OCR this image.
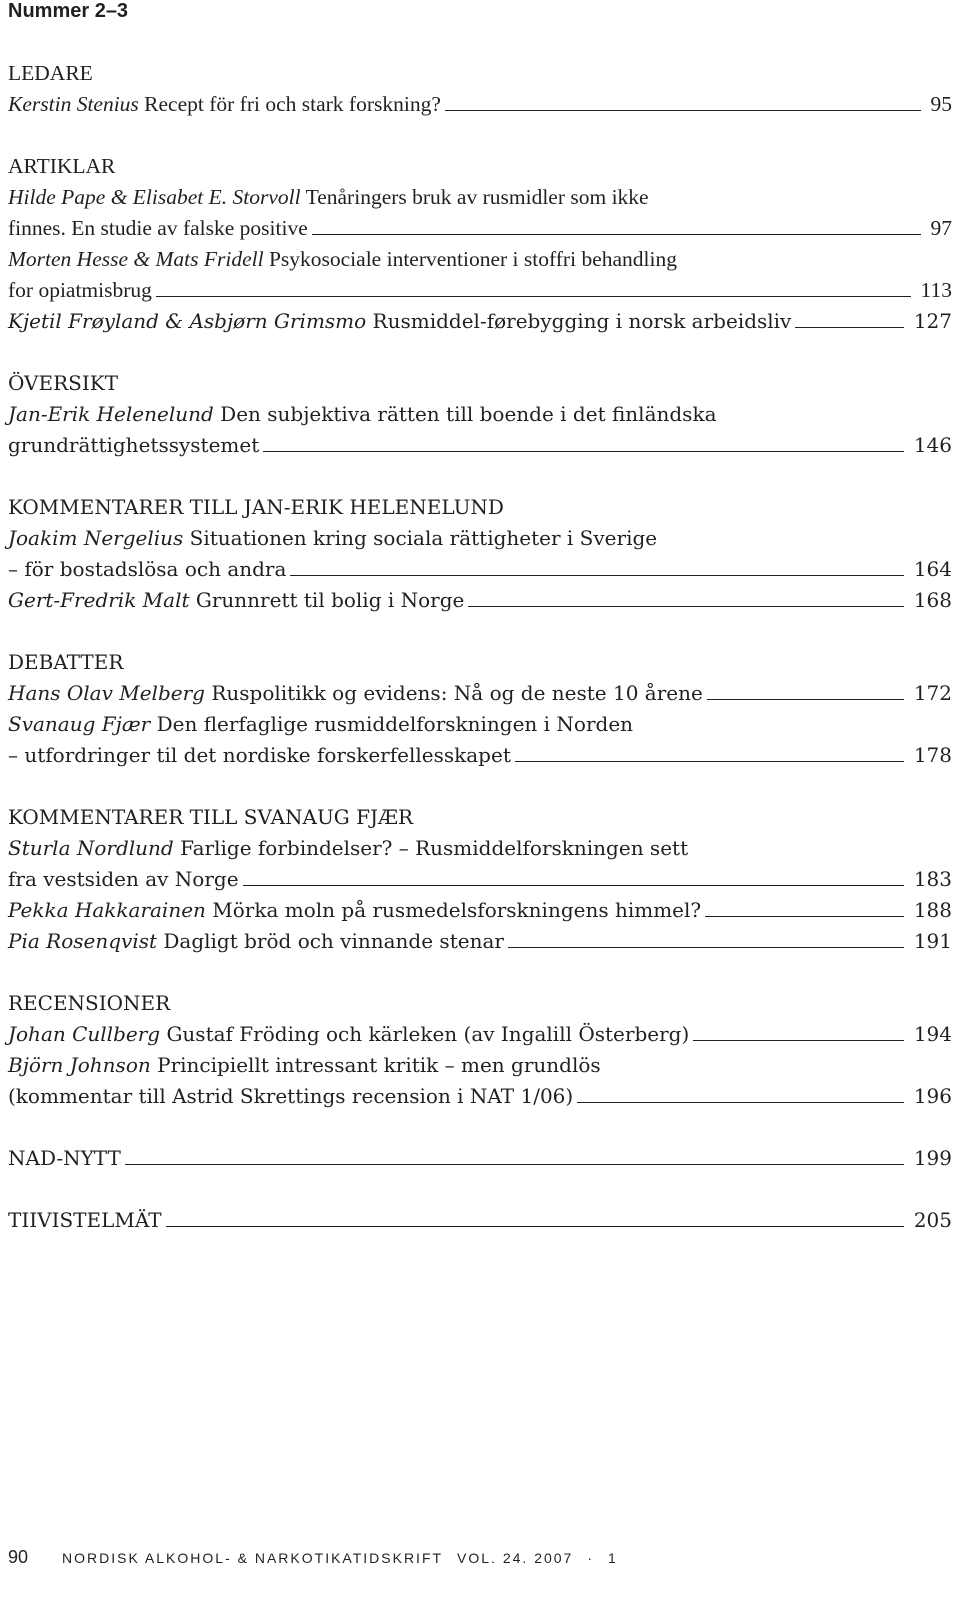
Nummer 2–3
LEDARE
Kerstin Stenius Recept för fri och stark forskning?	95
ARTIKLAR
Hilde Pape & Elisabet E. Storvoll Tenåringers bruk av rusmidler som ikke
finnes. En studie av falske positive	97
Morten Hesse & Mats Fridell Psykosociale interventioner i stoffri behandling
for opiatmisbrug	113
Kjetil Frøyland & Asbjørn Grimsmo Rusmiddel-førebygging i norsk arbeidsliv	127
ÖVERSIKT
Jan-Erik Helenelund Den subjektiva rätten till boende i det finländska
grundrättighetssystemet	146
KOMMENTARER TILL JAN-ERIK HELENELUND
Joakim Nergelius Situationen kring sociala rättigheter i Sverige
– för bostadslösa och andra	164
Gert-Fredrik Malt Grunnrett til bolig i Norge	168
DEBATTER
Hans Olav Melberg Ruspolitikk og evidens: Nå og de neste 10 årene	172
Svanaug Fjær Den flerfaglige rusmiddelforskningen i Norden
– utfordringer til det nordiske forskerfellesskapet	178
KOMMENTARER TILL SVANAUG FJÆR
Sturla Nordlund Farlige forbindelser? – Rusmiddelforskningen sett
fra vestsiden av Norge	183
Pekka Hakkarainen Mörka moln på rusmedelsforskningens himmel?	188
Pia Rosenqvist Dagligt bröd och vinnande stenar	191
RECENSIONER
Johan Cullberg Gustaf Fröding och kärleken (av Ingalill Österberg)	194
Björn Johnson Principiellt intressant kritik – men grundlös
(kommentar till Astrid Skrettings recension i NAT 1/06)	196
NAD-NYTT	199
TIIVISTELMÄT	205
90 NORDISK ALKOHOL- & NARKOTIKATIDSKRIFT VOL. 24. 2007 · 1
